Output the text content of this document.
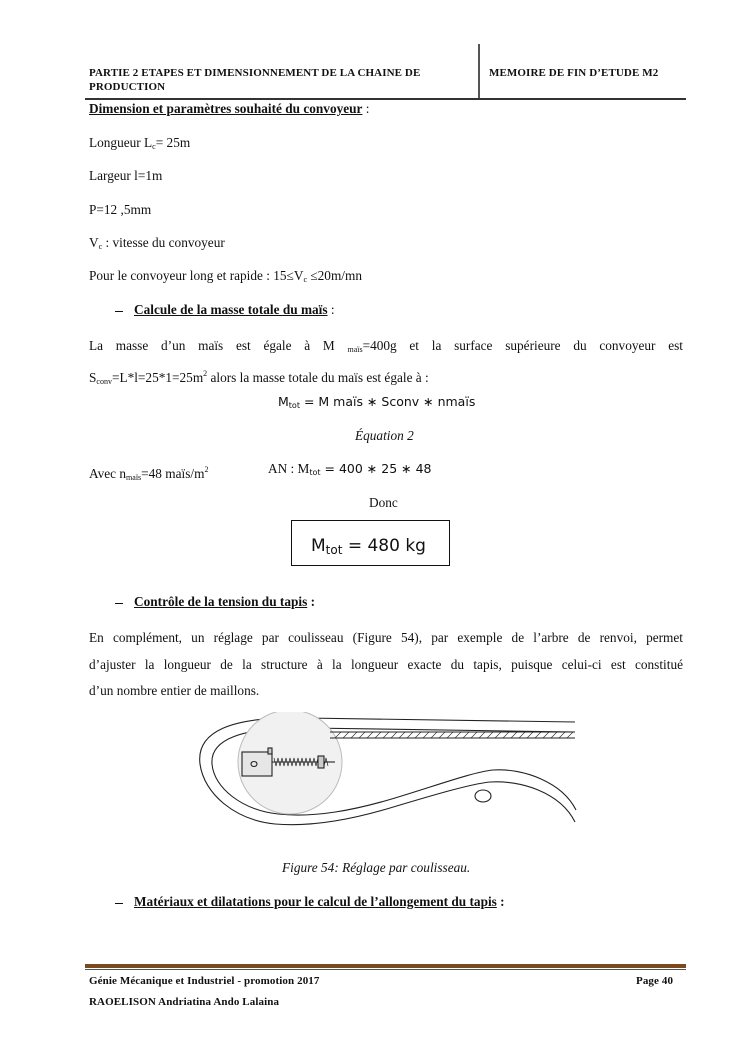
PARTIE 2 ETAPES ET DIMENSIONNEMENT DE LA CHAINE DE
PRODUCTION
MEMOIRE DE FIN D’ETUDE M2
Dimension et paramètres souhaité du convoyeur :
Longueur $L_c= 25m$
Largeur l=1m
P=12 ,5mm
$V_c$ : vitesse du convoyeur
Pour le convoyeur long et rapide : $15\le V_c \le 20m/mn$
Calcule de la masse totale du maïs :
La masse d’un maïs est égale à M $_{maïs}$=400g et la surface supérieure du convoyeur est
$S_{conv}=L*l=25*1=25m^2$ alors la masse totale du maïs est égale à :
$M_{tot} = M$ maïs ∗ Sconv ∗ nmaïs
Équation 2
Avec $n_{maïs}=48$ maïs/$m^2$	AN : $M_{tot} = 400$ ∗ 25 ∗ 48
Donc
Mtot = 480 kg
Contrôle de la tension du tapis :
En complément, un réglage par coulisseau (Figure 54), par exemple de l’arbre de renvoi, permet
d’ajuster la longueur de la structure à la longueur exacte du tapis, puisque celui-ci est constitué
d’un nombre entier de maillons.
Figure 54: Réglage par coulisseau.
Matériaux et dilatations pour le calcul de l’allongement du tapis :
Génie Mécanique et Industriel - promotion 2017	Page 40
RAOELISON Andriatina Ando Lalaina
